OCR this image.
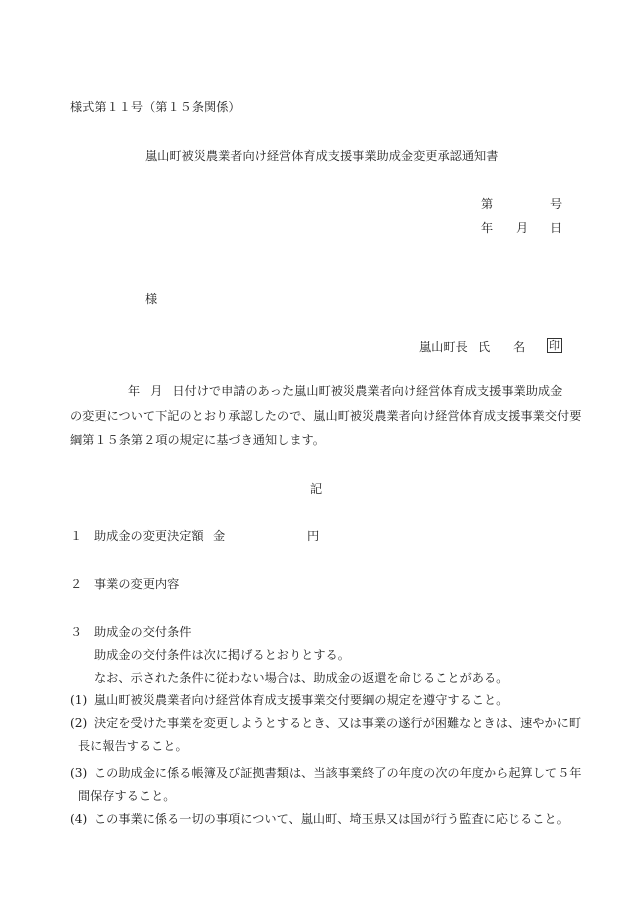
様式第１１号（第１５条関係）
嵐山町被災農業者向け経営体育成支援事業助成金変更承認通知書
第	号
年 月 日
様
嵐山町長 氏 名 印
年 月 日付けで申請のあった嵐山町被災農業者向け経営体育成支援事業助成金
の変更について下記のとおり承認したので、嵐山町被災農業者向け経営体育成支援事業交付要
綱第１５条第２項の規定に基づき通知します。
記
１ 助成金の変更決定額 金	円
２ 事業の変更内容
３ 助成金の交付条件
助成金の交付条件は次に掲げるとおりとする。
なお、示された条件に従わない場合は、助成金の返還を命じることがある。
(1) 嵐山町被災農業者向け経営体育成支援事業交付要綱の規定を遵守すること。
(2) 決定を受けた事業を変更しようとするとき、又は事業の遂行が困難なときは、速やかに町
長に報告すること。
(3) この助成金に係る帳簿及び証拠書類は、当該事業終了の年度の次の年度から起算して５年
間保存すること。
(4) この事業に係る一切の事項について、嵐山町、埼玉県又は国が行う監査に応じること。
